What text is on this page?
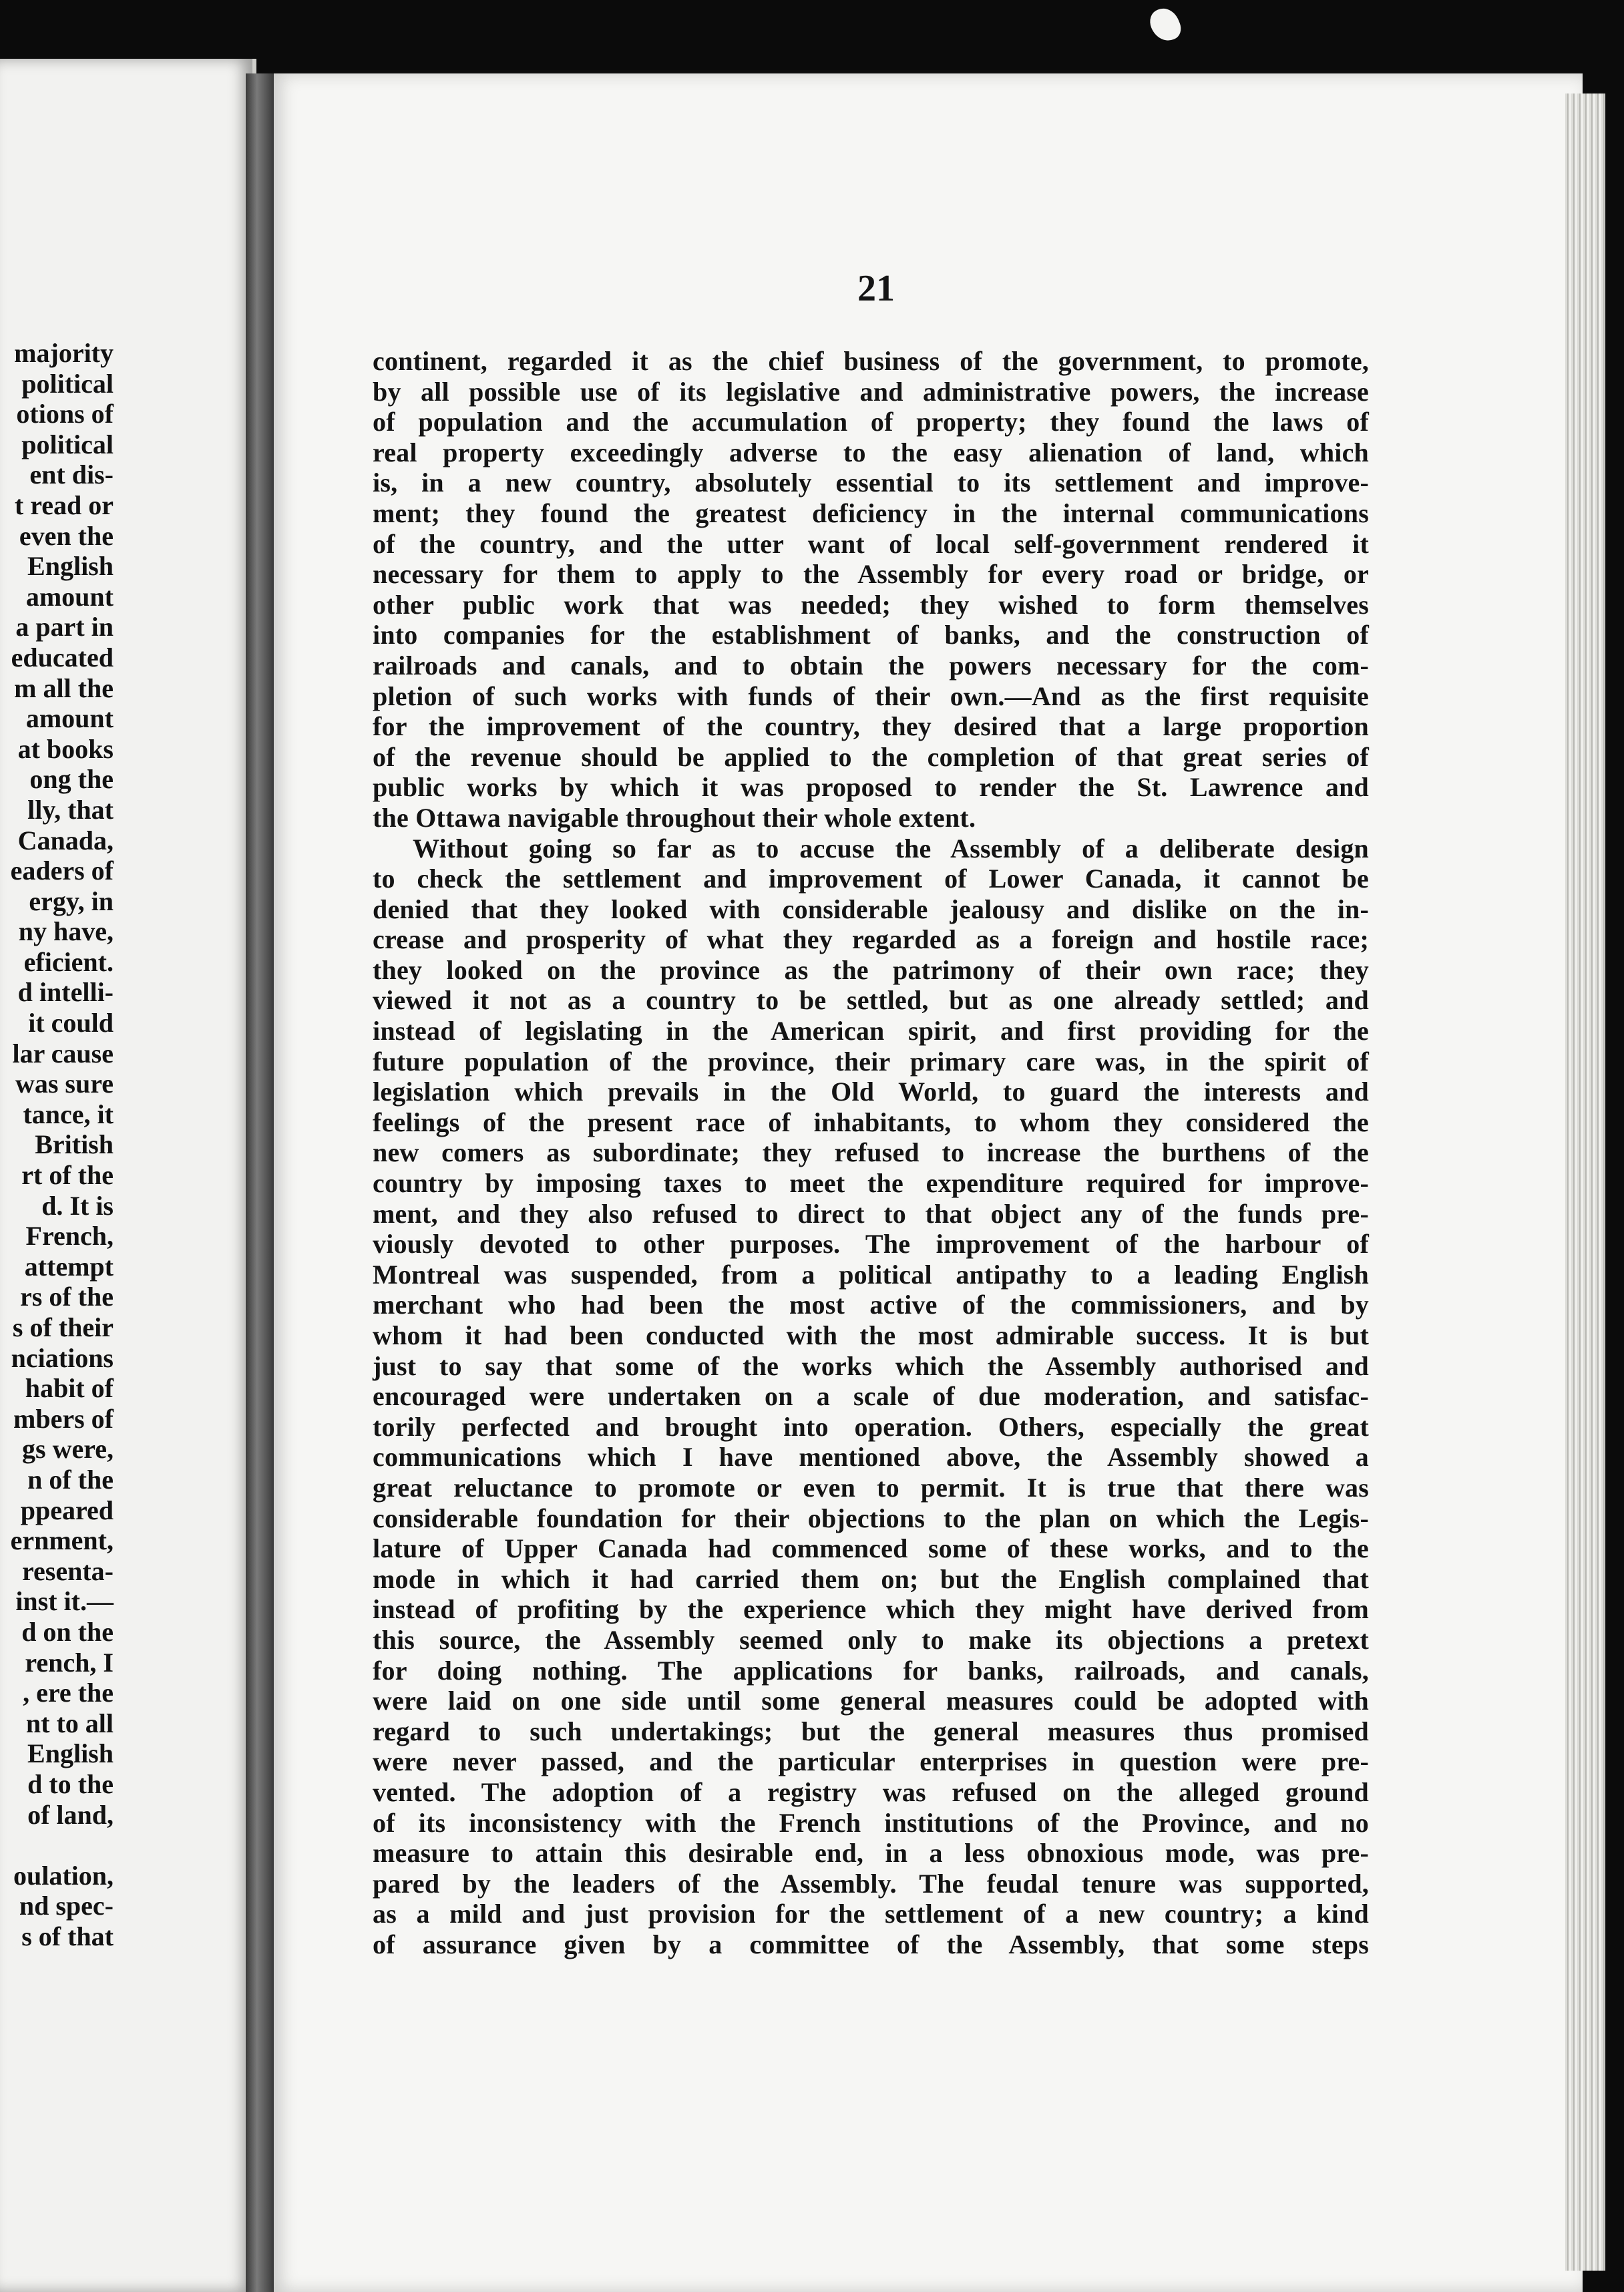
majority
political
otions of
political
ent dis-
t read or
even the
English
amount
a part in
educated
m all the
amount
at books
ong the
lly, that
Canada,
eaders of
ergy, in
ny have,
eficient.
d intelli-
it could
lar cause
was sure
tance, it
British
rt of the
d. It is
French,
attempt
rs of the
s of their
nciations
habit of
mbers of
gs were,
n of the
ppeared
ernment,
resenta-
inst it.—
d on the
rench, I
, ere the
nt to all
English
d to the
of land,
oulation,
nd spec-
s of that
21
continent, regarded it as the chief business of the government, to promote,
by all possible use of its legislative and administrative powers, the increase
of population and the accumulation of property; they found the laws of
real property exceedingly adverse to the easy alienation of land, which
is, in a new country, absolutely essential to its settlement and improve-
ment; they found the greatest deficiency in the internal communications
of the country, and the utter want of local self-government rendered it
necessary for them to apply to the Assembly for every road or bridge, or
other public work that was needed; they wished to form themselves
into companies for the establishment of banks, and the construction of
railroads and canals, and to obtain the powers necessary for the com-
pletion of such works with funds of their own.—And as the first requisite
for the improvement of the country, they desired that a large proportion
of the revenue should be applied to the completion of that great series of
public works by which it was proposed to render the St. Lawrence and
the Ottawa navigable throughout their whole extent.
Without going so far as to accuse the Assembly of a deliberate design
to check the settlement and improvement of Lower Canada, it cannot be
denied that they looked with considerable jealousy and dislike on the in-
crease and prosperity of what they regarded as a foreign and hostile race;
they looked on the province as the patrimony of their own race; they
viewed it not as a country to be settled, but as one already settled; and
instead of legislating in the American spirit, and first providing for the
future population of the province, their primary care was, in the spirit of
legislation which prevails in the Old World, to guard the interests and
feelings of the present race of inhabitants, to whom they considered the
new comers as subordinate; they refused to increase the burthens of the
country by imposing taxes to meet the expenditure required for improve-
ment, and they also refused to direct to that object any of the funds pre-
viously devoted to other purposes. The improvement of the harbour of
Montreal was suspended, from a political antipathy to a leading English
merchant who had been the most active of the commissioners, and by
whom it had been conducted with the most admirable success. It is but
just to say that some of the works which the Assembly authorised and
encouraged were undertaken on a scale of due moderation, and satisfac-
torily perfected and brought into operation. Others, especially the great
communications which I have mentioned above, the Assembly showed a
great reluctance to promote or even to permit. It is true that there was
considerable foundation for their objections to the plan on which the Legis-
lature of Upper Canada had commenced some of these works, and to the
mode in which it had carried them on; but the English complained that
instead of profiting by the experience which they might have derived from
this source, the Assembly seemed only to make its objections a pretext
for doing nothing. The applications for banks, railroads, and canals,
were laid on one side until some general measures could be adopted with
regard to such undertakings; but the general measures thus promised
were never passed, and the particular enterprises in question were pre-
vented. The adoption of a registry was refused on the alleged ground
of its inconsistency with the French institutions of the Province, and no
measure to attain this desirable end, in a less obnoxious mode, was pre-
pared by the leaders of the Assembly. The feudal tenure was supported,
as a mild and just provision for the settlement of a new country; a kind
of assurance given by a committee of the Assembly, that some steps
